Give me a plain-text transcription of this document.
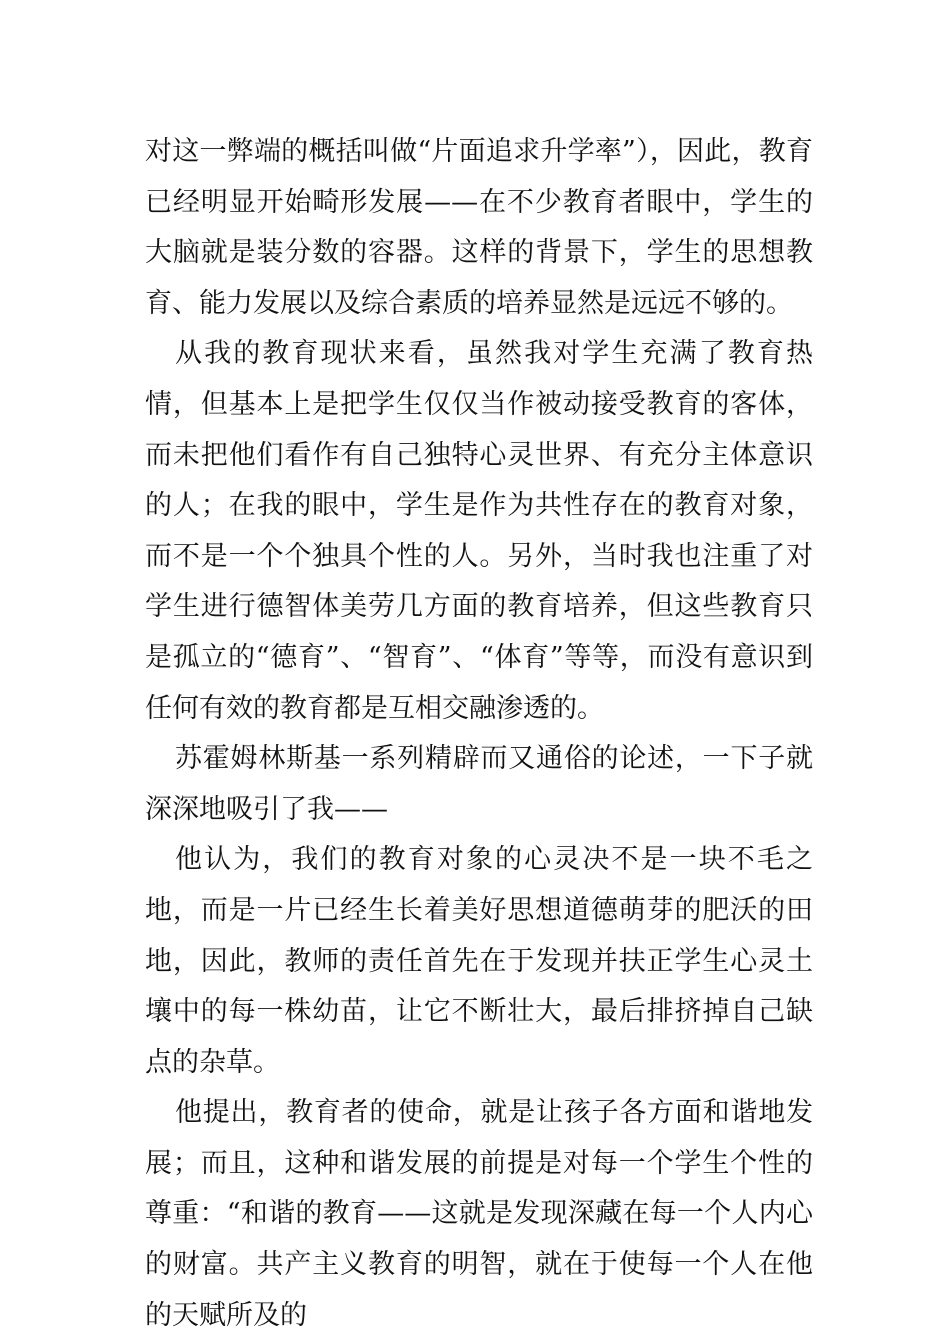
对这一弊端的概括叫做“片面追求升学率”），因此，教育已经明显开始畸形发展——在不少教育者眼中，学生的大脑就是装分数的容器。这样的背景下，学生的思想教育、能力发展以及综合素质的培养显然是远远不够的。

从我的教育现状来看，虽然我对学生充满了教育热情，但基本上是把学生仅仅当作被动接受教育的客体，而未把他们看作有自己独特心灵世界、有充分主体意识的人；在我的眼中，学生是作为共性存在的教育对象，而不是一个个独具个性的人。另外，当时我也注重了对学生进行德智体美劳几方面的教育培养，但这些教育只是孤立的“德育”、“智育”、“体育”等等，而没有意识到任何有效的教育都是互相交融渗透的。

苏霍姆林斯基一系列精辟而又通俗的论述，一下子就深深地吸引了我——

他认为，我们的教育对象的心灵决不是一块不毛之地，而是一片已经生长着美好思想道德萌芽的肥沃的田地，因此，教师的责任首先在于发现并扶正学生心灵土壤中的每一株幼苗，让它不断壮大，最后排挤掉自己缺点的杂草。

他提出，教育者的使命，就是让孩子各方面和谐地发展；而且，这种和谐发展的前提是对每一个学生个性的尊重：“和谐的教育——这就是发现深藏在每一个人内心的财富。共产主义教育的明智，就在于使每一个人在他的天赋所及的
